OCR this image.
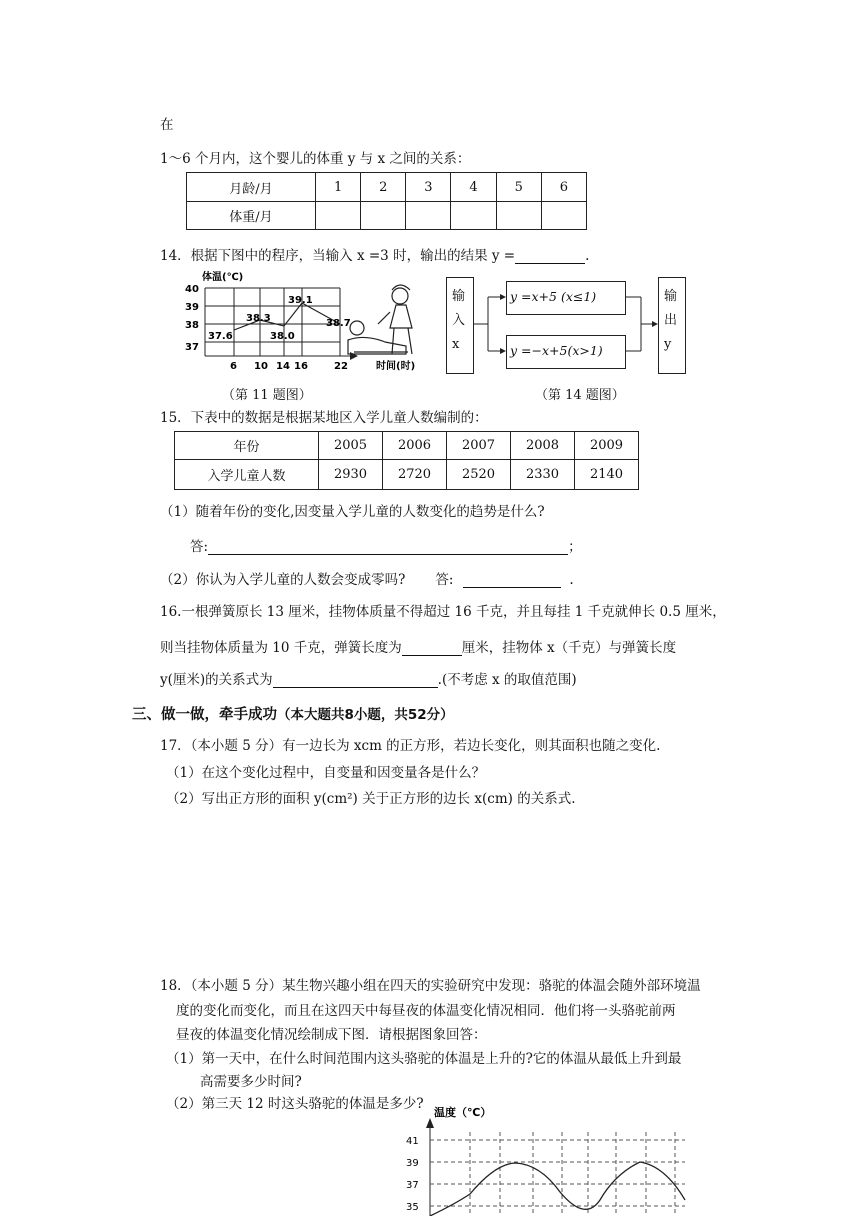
在
1～6 个月内，这个婴儿的体重 y 与 x 之间的关系：
月龄/月	1	2	3	4	5	6
体重/月						
14．根据下图中的程序，当输入 x =3 时，输出的结果 y =	.
体温(℃)
40
39
38
37
6 10 14 16	22	时间(时)
37.6
38.3
38.0
39.1
38.7
（第 11 题图）
输
入
x
y =x+5 (x≤1)
y =−x+5(x>1)
输
出
y
（第 14 题图）
15．下表中的数据是根据某地区入学儿童人数编制的：
年份	2005	2006	2007	2008	2009
入学儿童人数	2930	2720	2520	2330	2140
（1）随着年份的变化,因变量入学儿童的人数变化的趋势是什么?
答:	；
（2）你认为入学儿童的人数会变成零吗? 答:	.
16.一根弹簧原长 13 厘米，挂物体质量不得超过 16 千克，并且每挂 1 千克就伸长 0.5 厘米，
则当挂物体质量为 10 千克，弹簧长度为	厘米，挂物体 x（千克）与弹簧长度
y(厘米)的关系式为	.(不考虑 x 的取值范围)
三、做一做，牵手成功（本大题共8小题，共52分）
17．（本小题 5 分）有一边长为 xcm 的正方形，若边长变化，则其面积也随之变化.
（1）在这个变化过程中，自变量和因变量各是什么？
（2）写出正方形的面积 y(cm²) 关于正方形的边长 x(cm) 的关系式.
18．（本小题 5 分）某生物兴趣小组在四天的实验研究中发现：骆驼的体温会随外部环境温
度的变化而变化，而且在这四天中每昼夜的体温变化情况相同．他们将一头骆驼前两
昼夜的体温变化情况绘制成下图．请根据图象回答：
（1）第一天中，在什么时间范围内这头骆驼的体温是上升的?它的体温从最低上升到最
高需要多少时间?
（2）第三天 12 时这头骆驼的体温是多少?
温度（℃）
41
39
37
35
